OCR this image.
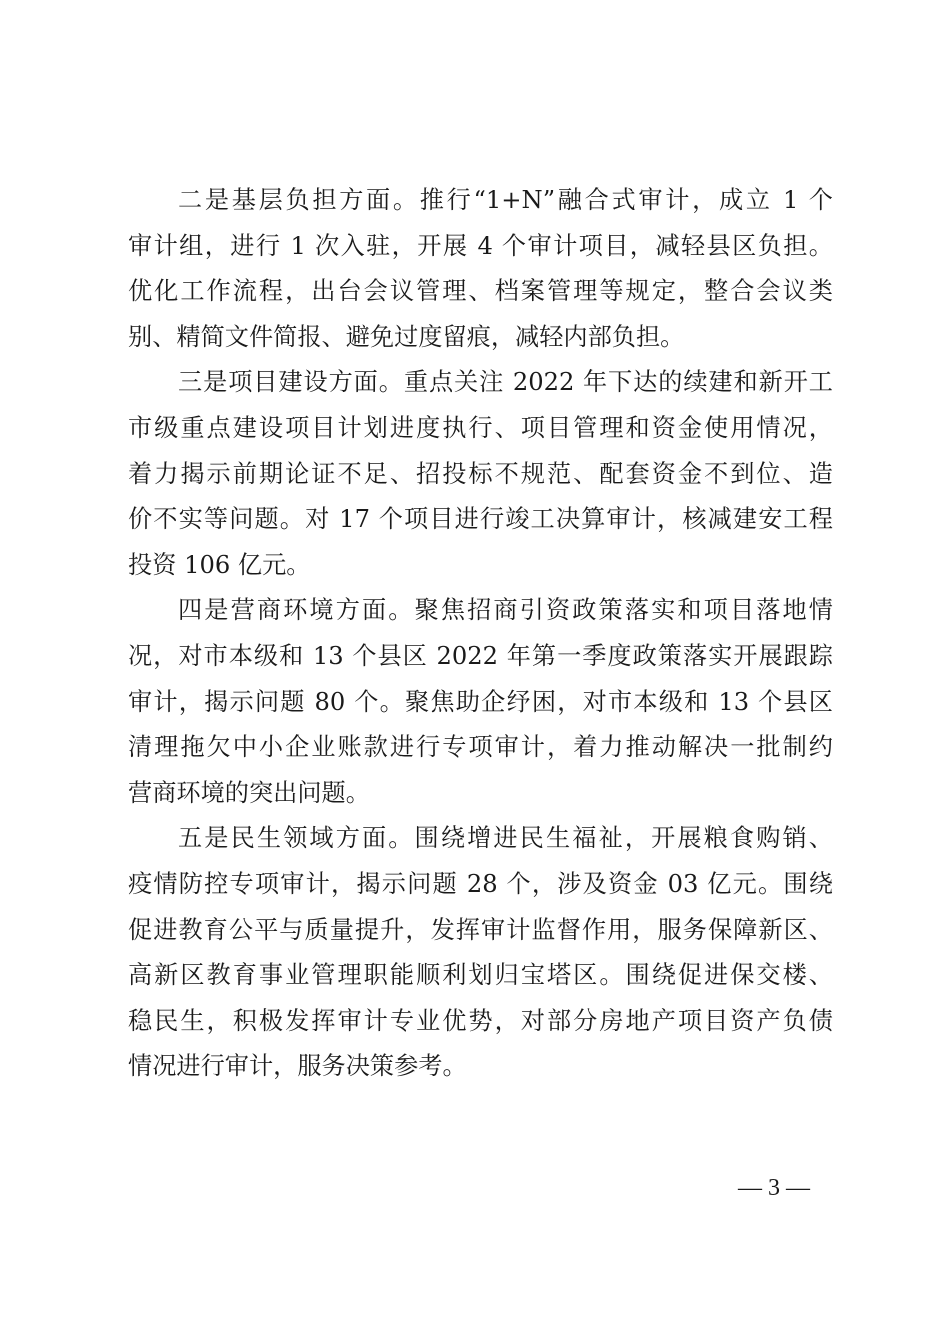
二是基层负担方面。推行“1+N”融合式审计，成立 1 个
审计组，进行 1 次入驻，开展 4 个审计项目，减轻县区负担。
优化工作流程，出台会议管理、档案管理等规定，整合会议类
别、精简文件简报、避免过度留痕，减轻内部负担。
三是项目建设方面。重点关注 2022 年下达的续建和新开工
市级重点建设项目计划进度执行、项目管理和资金使用情况，
着力揭示前期论证不足、招投标不规范、配套资金不到位、造
价不实等问题。对 17 个项目进行竣工决算审计，核减建安工程
投资 106 亿元。
四是营商环境方面。聚焦招商引资政策落实和项目落地情
况，对市本级和 13 个县区 2022 年第一季度政策落实开展跟踪
审计，揭示问题 80 个。聚焦助企纾困，对市本级和 13 个县区
清理拖欠中小企业账款进行专项审计，着力推动解决一批制约
营商环境的突出问题。
五是民生领域方面。围绕增进民生福祉，开展粮食购销、
疫情防控专项审计，揭示问题 28 个，涉及资金 03 亿元。围绕
促进教育公平与质量提升，发挥审计监督作用，服务保障新区、
高新区教育事业管理职能顺利划归宝塔区。围绕促进保交楼、
稳民生，积极发挥审计专业优势，对部分房地产项目资产负债
情况进行审计，服务决策参考。
— 3 —
